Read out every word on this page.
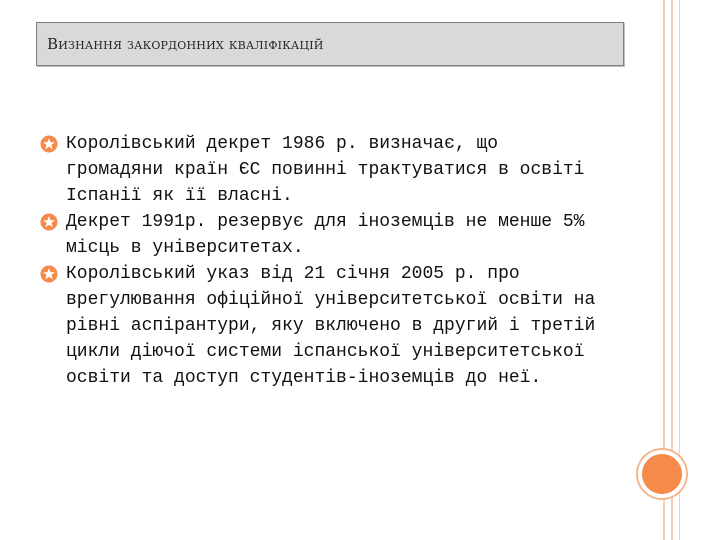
Визнання закордонних кваліфікацій
Королівський декрет 1986 р. визначає, що громадяни країн ЄС повинні трактуватися в освіті Іспанії як її власні.
Декрет 1991р. резервує для іноземців не менше 5% місць в університетах.
Королівський указ від 21 січня 2005 р. про врегулювання офіційної університетської освіти на рівні аспірантури, яку включено в другий і третій цикли діючої системи іспанської університетської освіти та доступ студентів-іноземців до неї.
